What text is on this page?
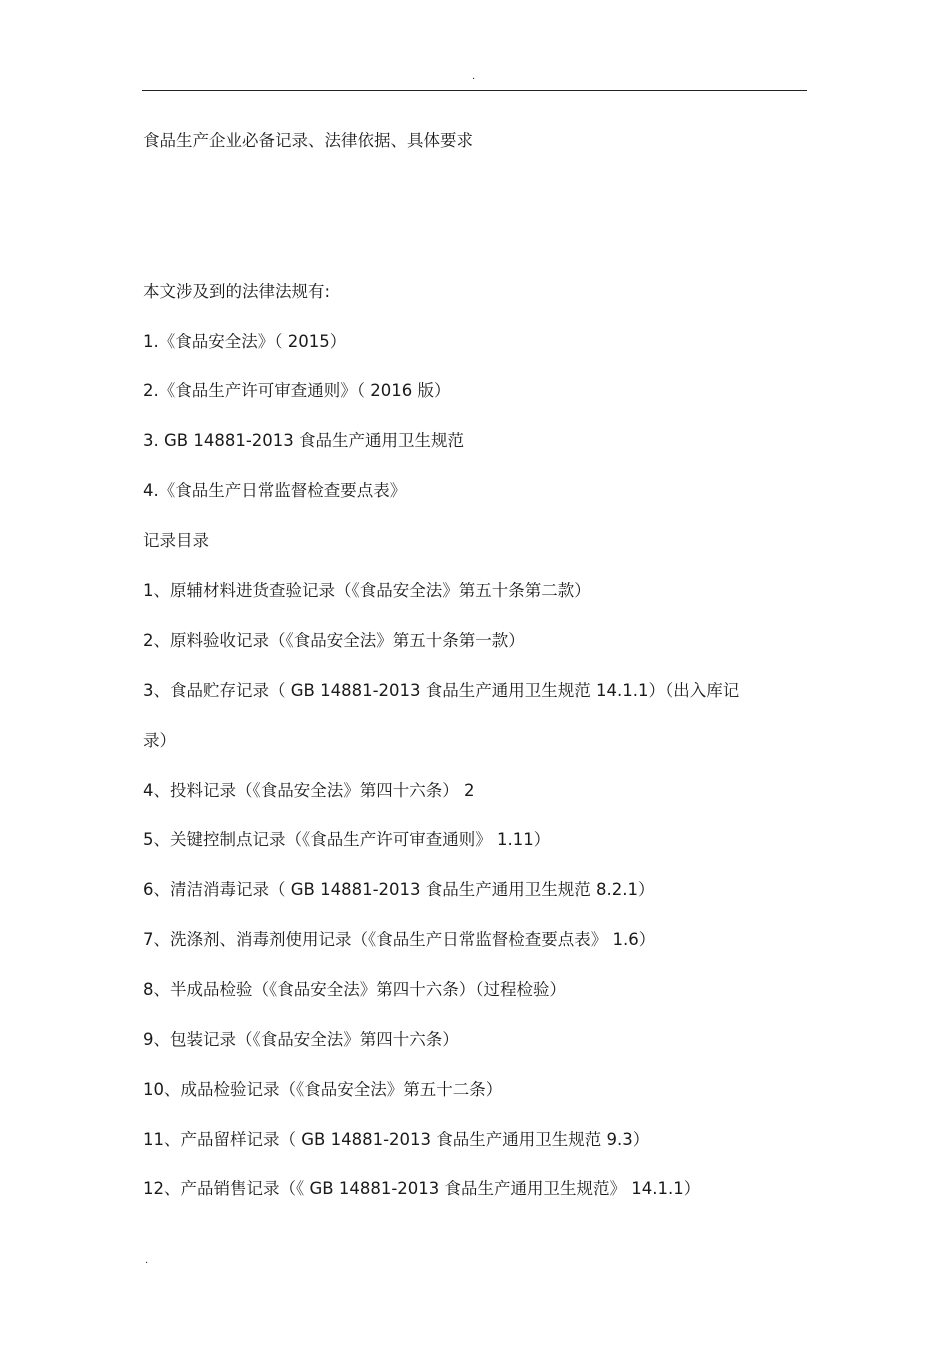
.
食品生产企业必备记录、法律依据、具体要求
本文涉及到的法律法规有:
1.《食品安全法》（ 2015）
2.《食品生产许可审查通则》（ 2016 版）
3. GB 14881-2013 食品生产通用卫生规范
4.《食品生产日常监督检查要点表》
记录目录
1、原辅材料进货查验记录（《食品安全法》第五十条第二款）
2、原料验收记录（《食品安全法》第五十条第一款）
3、食品贮存记录（ GB 14881-2013 食品生产通用卫生规范 14.1.1）（出入库记
录）
4、投料记录（《食品安全法》第四十六条） 2
5、关键控制点记录（《食品生产许可审查通则》 1.11）
6、清洁消毒记录（ GB 14881-2013 食品生产通用卫生规范 8.2.1）
7、洗涤剂、消毒剂使用记录（《食品生产日常监督检查要点表》 1.6）
8、半成品检验（《食品安全法》第四十六条）（过程检验）
9、包装记录（《食品安全法》第四十六条）
10、成品检验记录（《食品安全法》第五十二条）
11、产品留样记录（ GB 14881-2013 食品生产通用卫生规范 9.3）
12、产品销售记录（《 GB 14881-2013 食品生产通用卫生规范》 14.1.1）
.
